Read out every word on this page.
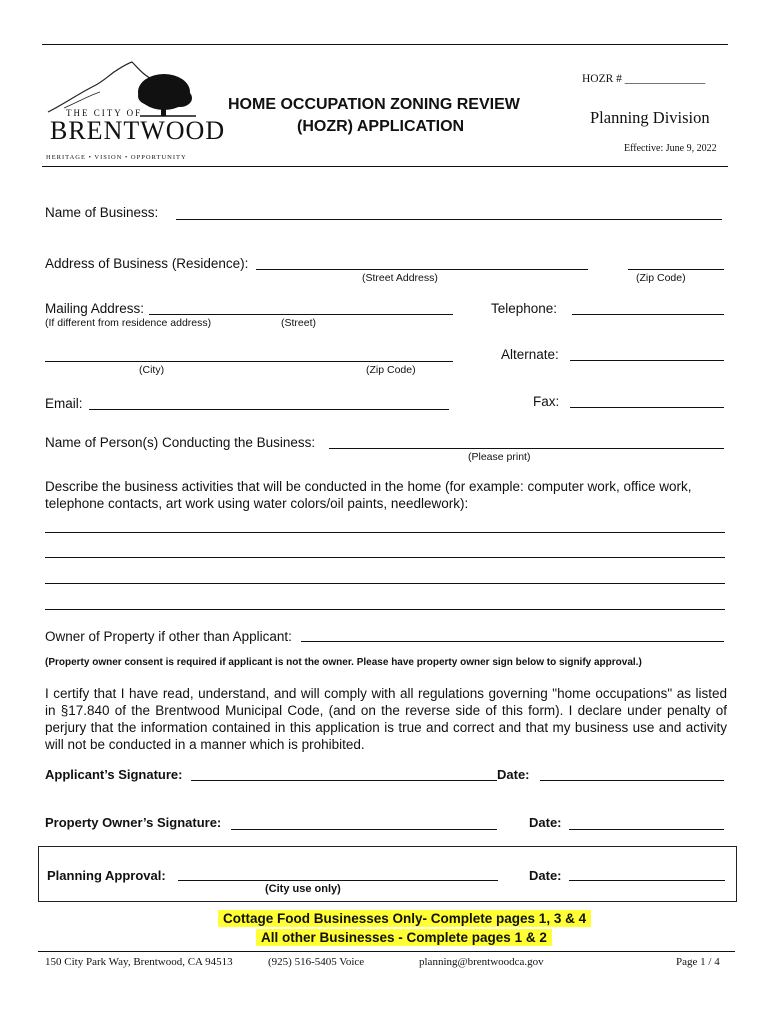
THE CITY OF
BRENTWOOD
HERITAGE • VISION • OPPORTUNITY
HOME OCCUPATION ZONING REVIEW
(HOZR) APPLICATION
HOZR # ______________
Planning Division
Effective: June 9, 2022
Name of Business:
Address of Business (Residence):
(Street Address)	(Zip Code)
Mailing Address:
(If different from residence address)	(Street)
Telephone:
(City)	(Zip Code)
Alternate:
Email:	Fax:
Name of Person(s) Conducting the Business:
(Please print)
Describe the business activities that will be conducted in the home (for example: computer work, office work, telephone contacts, art work using water colors/oil paints, needlework):
Owner of Property if other than Applicant:
(Property owner consent is required if applicant is not the owner. Please have property owner sign below to signify approval.)
I certify that I have read, understand, and will comply with all regulations governing "home occupations" as listed in §17.840 of the Brentwood Municipal Code, (and on the reverse side of this form). I declare under penalty of perjury that the information contained in this application is true and correct and that my business use and activity will not be conducted in a manner which is prohibited.
Applicant’s Signature:	Date:
Property Owner’s Signature:	Date:
Planning Approval:
(City use only)
Date:
Cottage Food Businesses Only- Complete pages 1, 3 & 4
All other Businesses - Complete pages 1 & 2
150 City Park Way, Brentwood, CA 94513	(925) 516-5405 Voice	planning@brentwoodca.gov	Page 1 / 4
